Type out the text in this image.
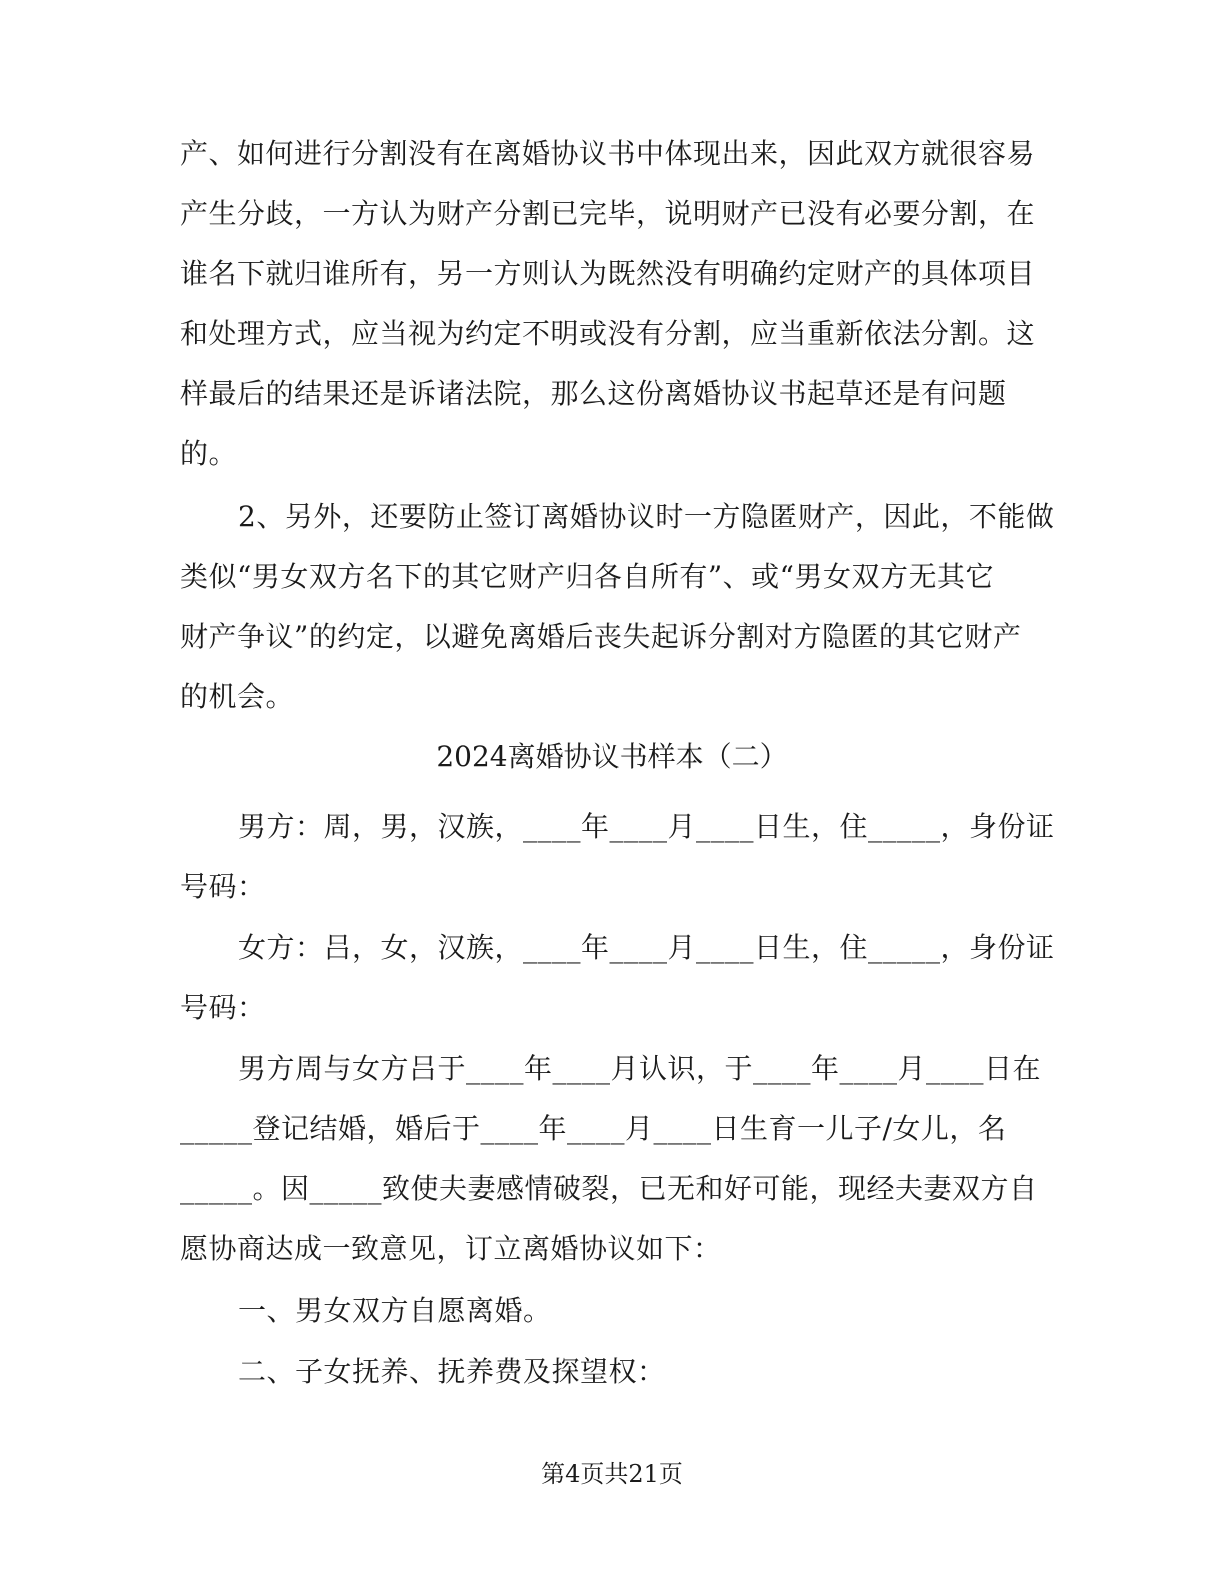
产、如何进行分割没有在离婚协议书中体现出来，因此双方就很容易
产生分歧，一方认为财产分割已完毕，说明财产已没有必要分割，在
谁名下就归谁所有，另一方则认为既然没有明确约定财产的具体项目
和处理方式，应当视为约定不明或没有分割，应当重新依法分割。这
样最后的结果还是诉诸法院，那么这份离婚协议书起草还是有问题
的。
2、另外，还要防止签订离婚协议时一方隐匿财产，因此，不能做
类似“男女双方名下的其它财产归各自所有”、或“男女双方无其它
财产争议”的约定，以避免离婚后丧失起诉分割对方隐匿的其它财产
的机会。
2024离婚协议书样本（二）
男方：周，男，汉族，____年____月____日生，住_____，身份证
号码：
女方：吕，女，汉族，____年____月____日生，住_____，身份证
号码：
男方周与女方吕于____年____月认识，于____年____月____日在
_____登记结婚，婚后于____年____月____日生育一儿子/女儿，名
_____。因_____致使夫妻感情破裂，已无和好可能，现经夫妻双方自
愿协商达成一致意见，订立离婚协议如下：
一、男女双方自愿离婚。
二、子女抚养、抚养费及探望权：
第4页共21页
